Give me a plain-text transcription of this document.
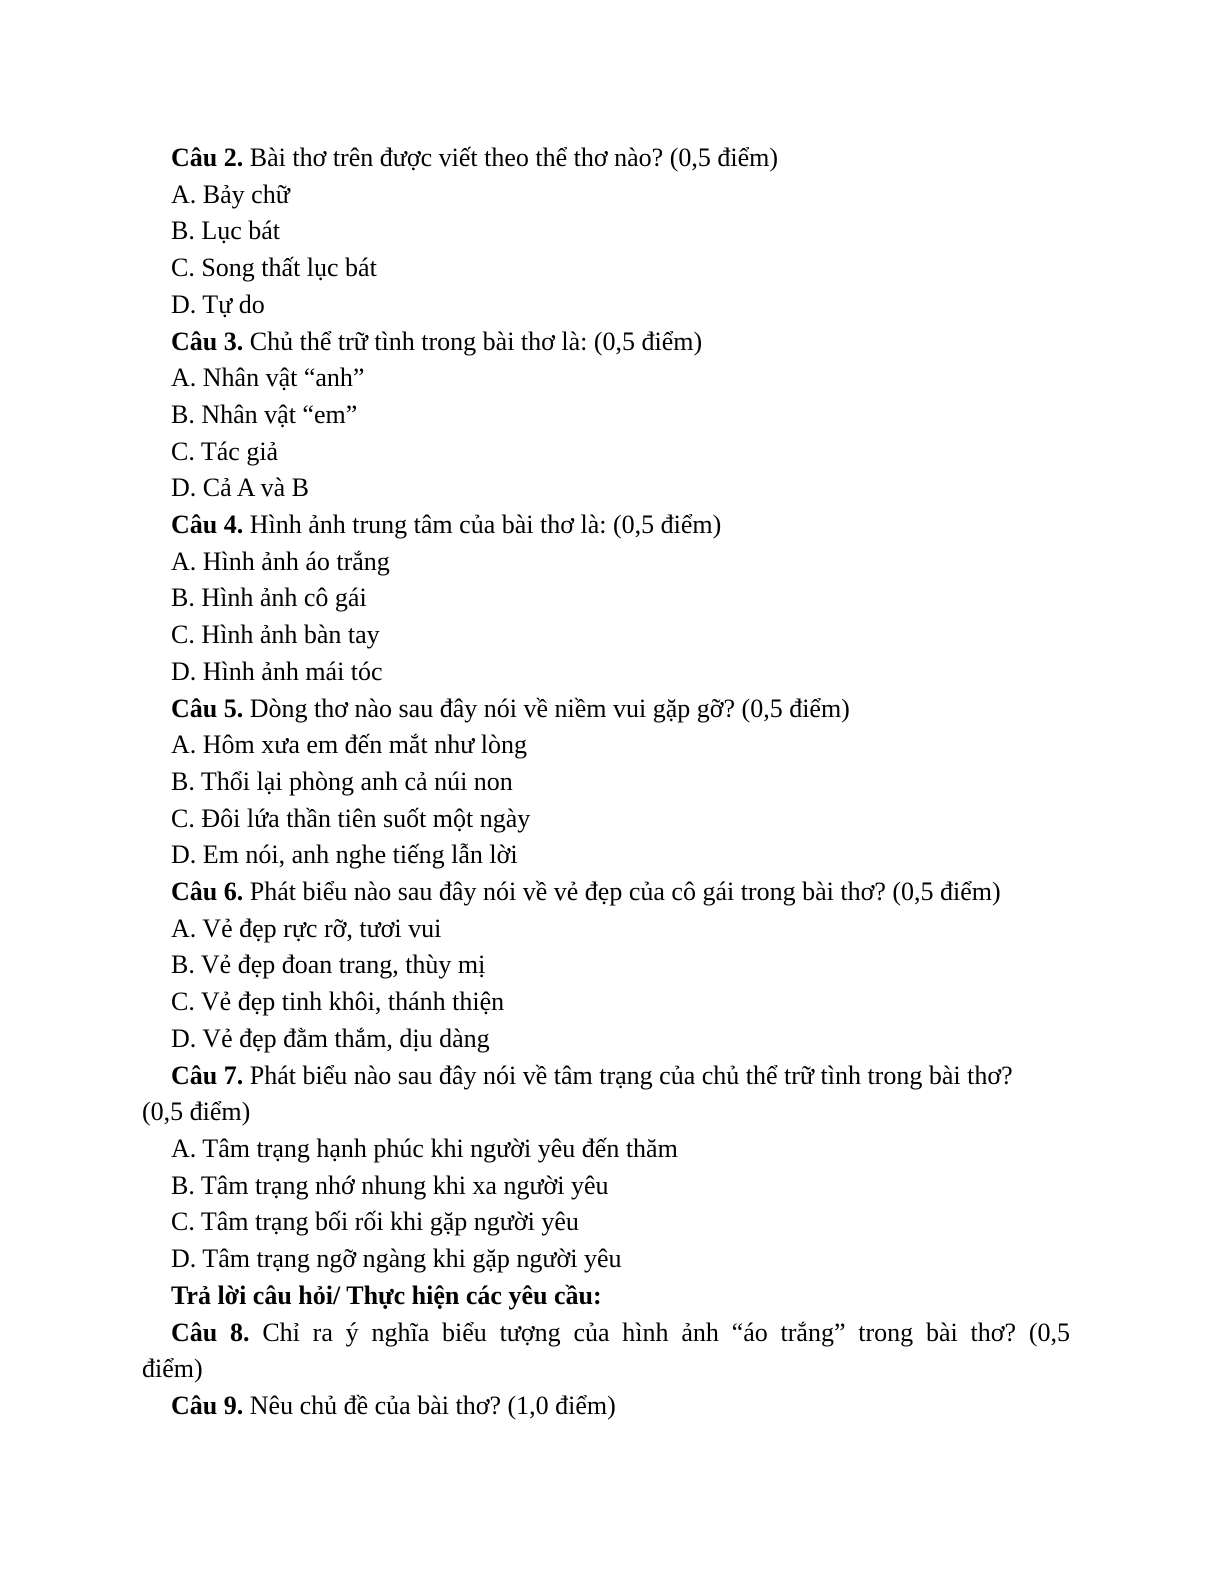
Câu 2. Bài thơ trên được viết theo thể thơ nào? (0,5 điểm)
A. Bảy chữ
B. Lục bát
C. Song thất lục bát
D. Tự do
Câu 3. Chủ thể trữ tình trong bài thơ là: (0,5 điểm)
A. Nhân vật “anh”
B. Nhân vật “em”
C. Tác giả
D. Cả A và B
Câu 4. Hình ảnh trung tâm của bài thơ là: (0,5 điểm)
A. Hình ảnh áo trắng
B. Hình ảnh cô gái
C. Hình ảnh bàn tay
D. Hình ảnh mái tóc
Câu 5. Dòng thơ nào sau đây nói về niềm vui gặp gỡ? (0,5 điểm)
A. Hôm xưa em đến mắt như lòng
B. Thổi lại phòng anh cả núi non
C. Đôi lứa thần tiên suốt một ngày
D. Em nói, anh nghe tiếng lẫn lời
Câu 6. Phát biểu nào sau đây nói về vẻ đẹp của cô gái trong bài thơ? (0,5 điểm)
A. Vẻ đẹp rực rỡ, tươi vui
B. Vẻ đẹp đoan trang, thùy mị
C. Vẻ đẹp tinh khôi, thánh thiện
D. Vẻ đẹp đằm thắm, dịu dàng
Câu 7. Phát biểu nào sau đây nói về tâm trạng của chủ thể trữ tình trong bài thơ?
(0,5 điểm)
A. Tâm trạng hạnh phúc khi người yêu đến thăm
B. Tâm trạng nhớ nhung khi xa người yêu
C. Tâm trạng bối rối khi gặp người yêu
D. Tâm trạng ngỡ ngàng khi gặp người yêu
Trả lời câu hỏi/ Thực hiện các yêu cầu:
Câu 8. Chỉ ra ý nghĩa biểu tượng của hình ảnh “áo trắng” trong bài thơ? (0,5
điểm)
Câu 9. Nêu chủ đề của bài thơ? (1,0 điểm)
